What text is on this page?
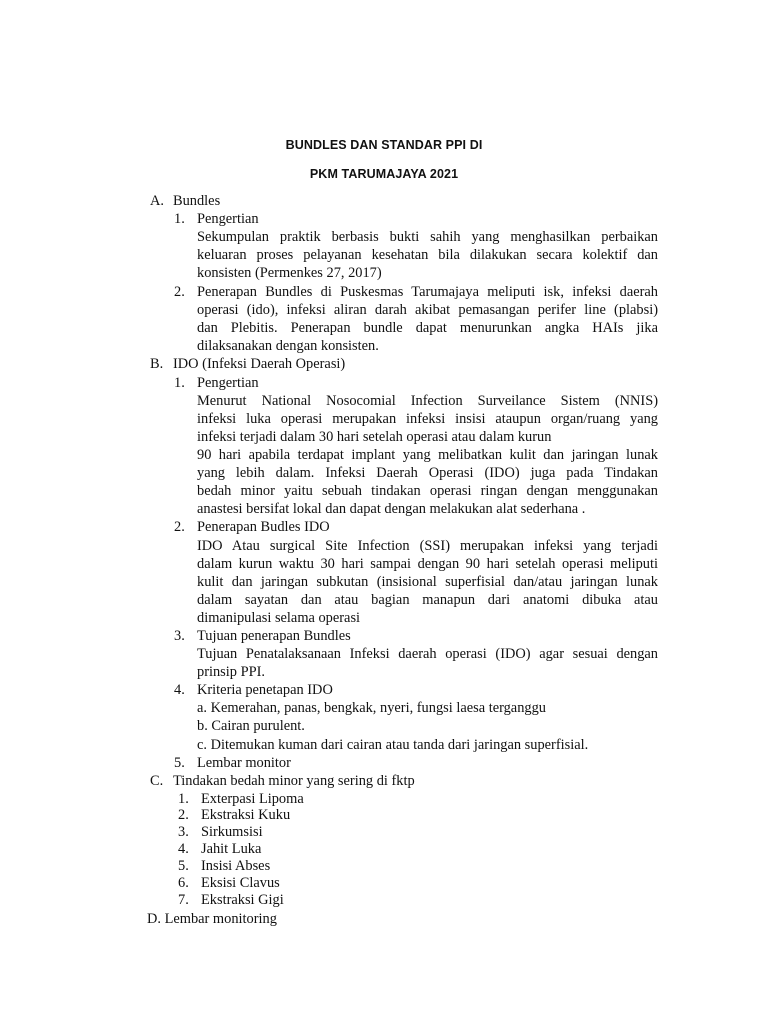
BUNDLES DAN STANDAR PPI DI
PKM TARUMAJAYA 2021
A. Bundles
1. Pengertian
Sekumpulan praktik berbasis bukti sahih yang menghasilkan perbaikan
keluaran proses pelayanan kesehatan bila dilakukan secara kolektif dan
konsisten (Permenkes 27, 2017)
2. Penerapan Bundles di Puskesmas Tarumajaya meliputi isk, infeksi daerah
operasi (ido), infeksi aliran darah akibat pemasangan perifer line (plabsi)
dan Plebitis. Penerapan bundle dapat menurunkan angka HAIs jika
dilaksanakan dengan konsisten.
B. IDO (Infeksi Daerah Operasi)
1. Pengertian
Menurut National Nosocomial Infection Surveilance Sistem (NNIS)
infeksi luka operasi merupakan infeksi insisi ataupun organ/ruang yang
infeksi terjadi dalam 30 hari setelah operasi atau dalam kurun
90 hari apabila terdapat implant yang melibatkan kulit dan jaringan lunak
yang lebih dalam. Infeksi Daerah Operasi (IDO) juga pada Tindakan
bedah minor yaitu sebuah tindakan operasi ringan dengan menggunakan
anastesi bersifat lokal dan dapat dengan melakukan alat sederhana .
2. Penerapan Budles IDO
IDO Atau surgical Site Infection (SSI) merupakan infeksi yang terjadi
dalam kurun waktu 30 hari sampai dengan 90 hari setelah operasi meliputi
kulit dan jaringan subkutan (insisional superfisial dan/atau jaringan lunak
dalam sayatan dan atau bagian manapun dari anatomi dibuka atau
dimanipulasi selama operasi
3. Tujuan penerapan Bundles
Tujuan Penatalaksanaan Infeksi daerah operasi (IDO) agar sesuai dengan
prinsip PPI.
4. Kriteria penetapan IDO
a. Kemerahan, panas, bengkak, nyeri, fungsi laesa terganggu
b. Cairan purulent.
c. Ditemukan kuman dari cairan atau tanda dari jaringan superfisial.
5. Lembar monitor
C. Tindakan bedah minor yang sering di fktp
1. Exterpasi Lipoma
2. Ekstraksi Kuku
3. Sirkumsisi
4. Jahit Luka
5. Insisi Abses
6. Eksisi Clavus
7. Ekstraksi Gigi
D. Lembar monitoring
